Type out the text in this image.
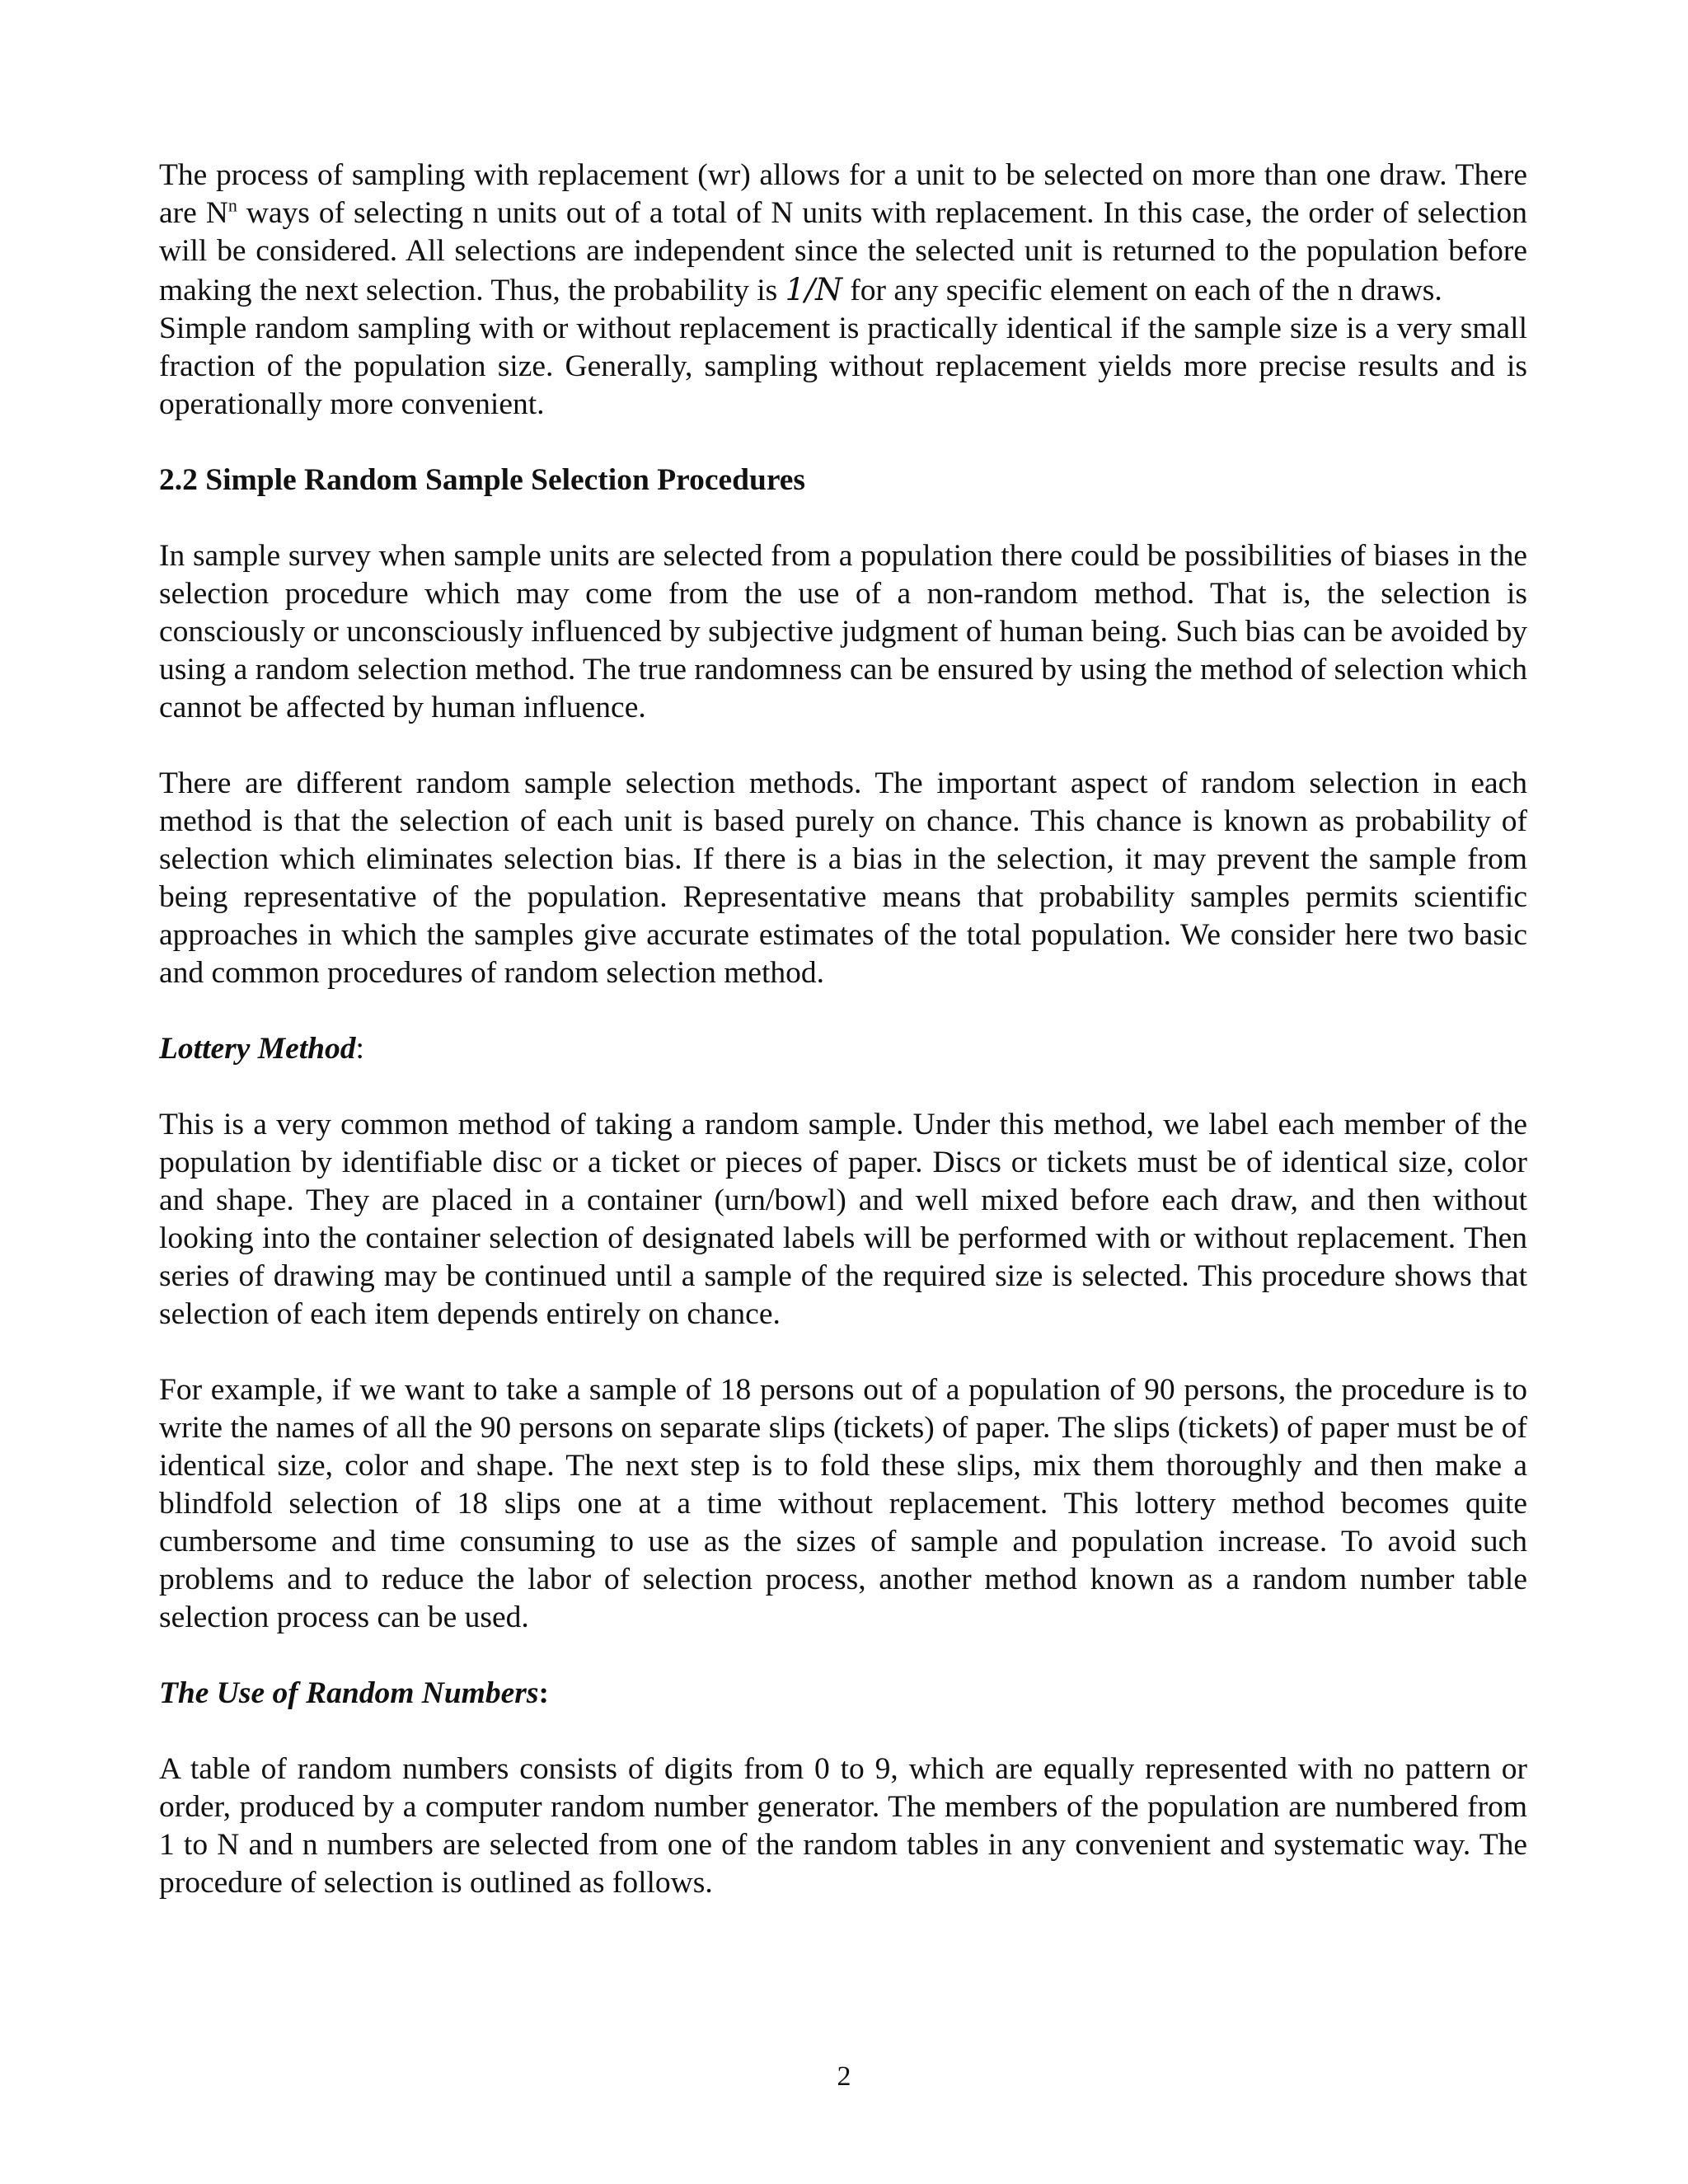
The process of sampling with replacement (wr) allows for a unit to be selected on more than one draw. There are $N^n$ ways of selecting n units out of a total of N units with replacement. In this case, the order of selection will be considered. All selections are independent since the selected unit is returned to the population before making the next selection. Thus, the probability is 1/N for any specific element on each of the n draws.

Simple random sampling with or without replacement is practically identical if the sample size is a very small fraction of the population size. Generally, sampling without replacement yields more precise results and is operationally more convenient.

2.2 Simple Random Sample Selection Procedures

In sample survey when sample units are selected from a population there could be possibilities of biases in the selection procedure which may come from the use of a non-random method. That is, the selection is consciously or unconsciously influenced by subjective judgment of human being. Such bias can be avoided by using a random selection method. The true randomness can be ensured by using the method of selection which cannot be affected by human influence.

There are different random sample selection methods. The important aspect of random selection in each method is that the selection of each unit is based purely on chance. This chance is known as probability of selection which eliminates selection bias. If there is a bias in the selection, it may prevent the sample from being representative of the population. Representative means that probability samples permits scientific approaches in which the samples give accurate estimates of the total population. We consider here two basic and common procedures of random selection method.

Lottery Method:

This is a very common method of taking a random sample. Under this method, we label each member of the population by identifiable disc or a ticket or pieces of paper. Discs or tickets must be of identical size, color and shape. They are placed in a container (urn/bowl) and well mixed before each draw, and then without looking into the container selection of designated labels will be performed with or without replacement. Then series of drawing may be continued until a sample of the required size is selected. This procedure shows that selection of each item depends entirely on chance.

For example, if we want to take a sample of 18 persons out of a population of 90 persons, the procedure is to write the names of all the 90 persons on separate slips (tickets) of paper. The slips (tickets) of paper must be of identical size, color and shape. The next step is to fold these slips, mix them thoroughly and then make a blindfold selection of 18 slips one at a time without replacement. This lottery method becomes quite cumbersome and time consuming to use as the sizes of sample and population increase. To avoid such problems and to reduce the labor of selection process, another method known as a random number table selection process can be used.

The Use of Random Numbers:

A table of random numbers consists of digits from 0 to 9, which are equally represented with no pattern or order, produced by a computer random number generator. The members of the population are numbered from 1 to N and n numbers are selected from one of the random tables in any convenient and systematic way. The procedure of selection is outlined as follows.

2
